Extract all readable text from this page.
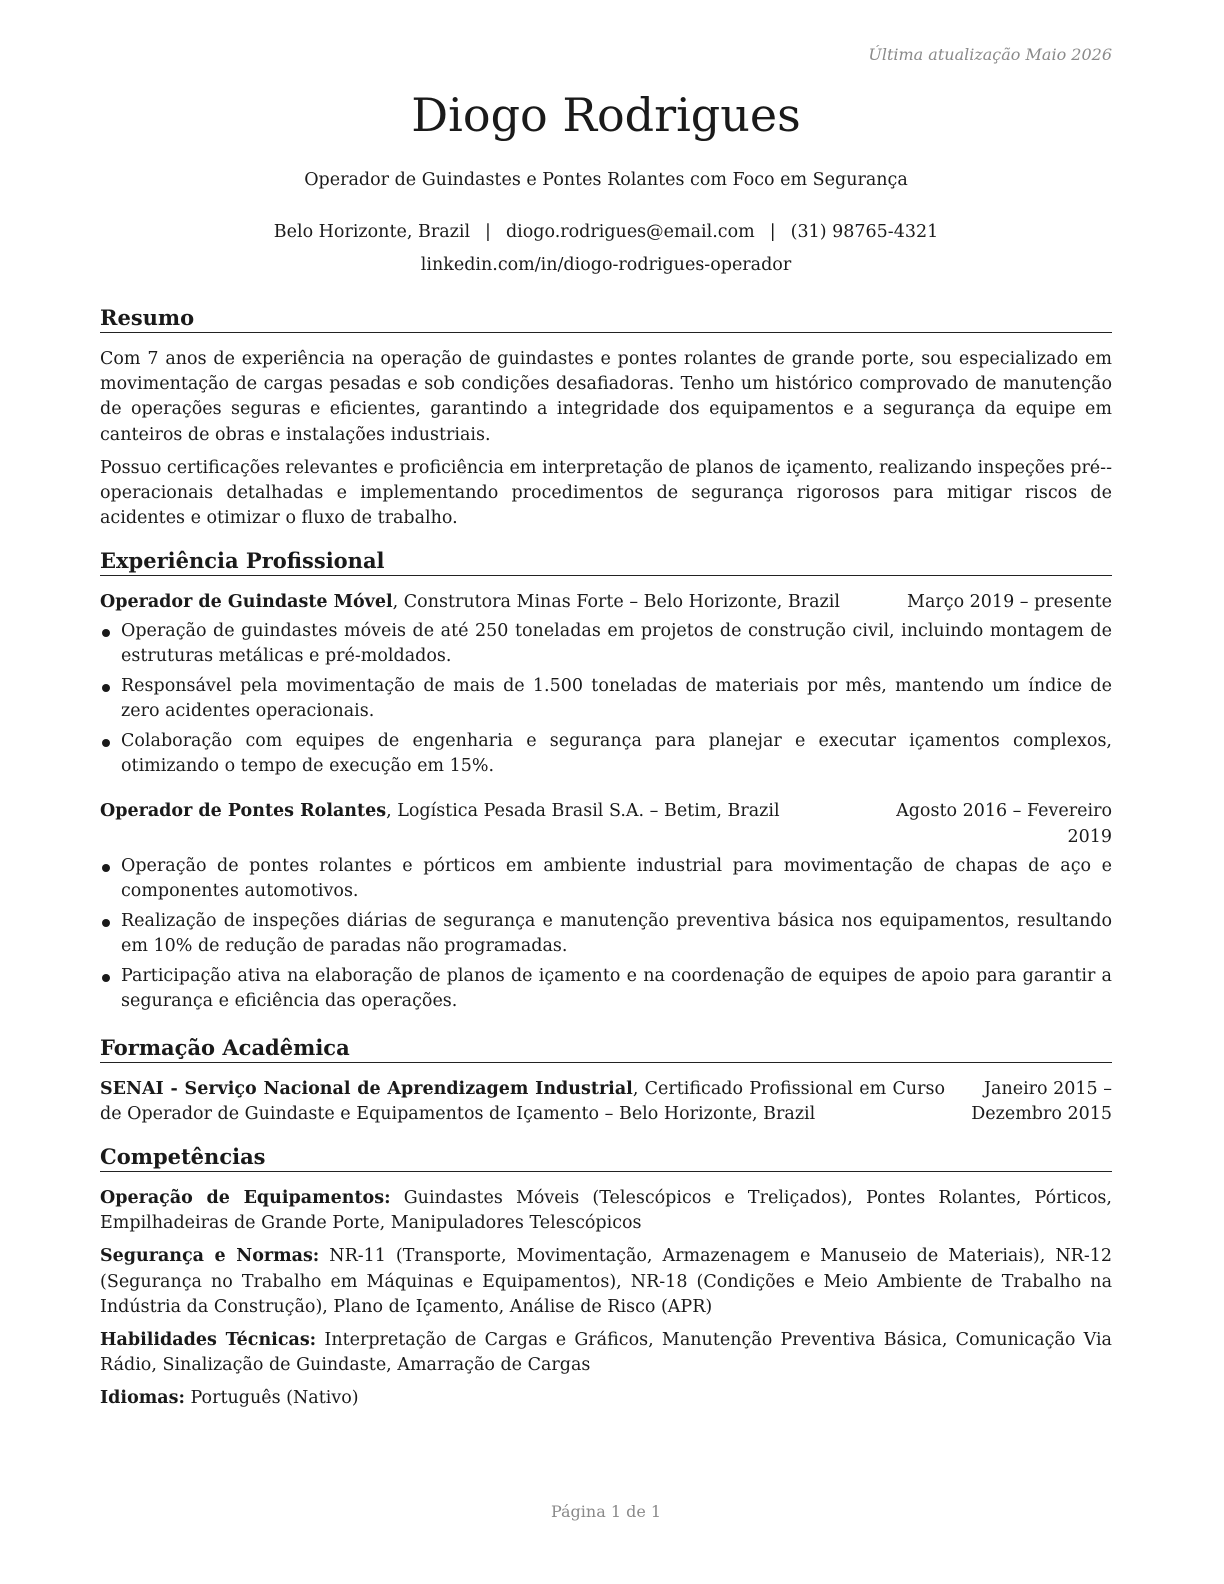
Última atualização Maio 2026
Diogo Rodrigues
Operador de Guindastes e Pontes Rolantes com Foco em Segurança
Belo Horizonte, Brazil | diogo.rodrigues@email.com | (31) 98765-4321
linkedin.com/in/diogo-rodrigues-operador
Resumo

Com 7 anos de experiência na operação de guindastes e pontes rolantes de grande porte, sou especializado em movimentação de cargas pesadas e sob condições desafiadoras. Tenho um histórico comprovado de manutenção de operações seguras e eficientes, garantindo a integridade dos equipamentos e a segurança da equipe em canteiros de obras e instalações industriais.

Possuo certificações relevantes e proficiência em interpretação de planos de içamento, realizando inspeções pré--operacionais detalhadas e implementando procedimentos de segurança rigorosos para mitigar riscos de acidentes e otimizar o fluxo de trabalho.

Experiência Profissional
Operador de Guindaste Móvel, Construtora Minas Forte – Belo Horizonte, Brazil	Março 2019 – presente
Operação de guindastes móveis de até 250 toneladas em projetos de construção civil, incluindo montagem de estruturas metálicas e pré-moldados.
Responsável pela movimentação de mais de 1.500 toneladas de materiais por mês, mantendo um índice de zero acidentes operacionais.
Colaboração com equipes de engenharia e segurança para planejar e executar içamentos complexos, otimizando o tempo de execução em 15%.
Operador de Pontes Rolantes, Logística Pesada Brasil S.A. – Betim, Brazil	Agosto 2016 – Fevereiro 2019
Operação de pontes rolantes e pórticos em ambiente industrial para movimentação de chapas de aço e componentes automotivos.
Realização de inspeções diárias de segurança e manutenção preventiva básica nos equipamentos, resultando em 10% de redução de paradas não programadas.
Participação ativa na elaboração de planos de içamento e na coordenação de equipes de apoio para garantir a segurança e eficiência das operações.
Formação Acadêmica
SENAI - Serviço Nacional de Aprendizagem Industrial, Certificado Profissional em Curso de Operador de Guindaste e Equipamentos de Içamento – Belo Horizonte, Brazil
Janeiro 2015 – Dezembro 2015
Competências

Operação de Equipamentos: Guindastes Móveis (Telescópicos e Treliçados), Pontes Rolantes, Pórticos, Empilhadeiras de Grande Porte, Manipuladores Telescópicos

Segurança e Normas: NR-11 (Transporte, Movimentação, Armazenagem e Manuseio de Materiais), NR-12 (Segurança no Trabalho em Máquinas e Equipamentos), NR-18 (Condições e Meio Ambiente de Trabalho na Indústria da Construção), Plano de Içamento, Análise de Risco (APR)

Habilidades Técnicas: Interpretação de Cargas e Gráficos, Manutenção Preventiva Básica, Comunicação Via Rádio, Sinalização de Guindaste, Amarração de Cargas

Idiomas: Português (Nativo)

Página 1 de 1
